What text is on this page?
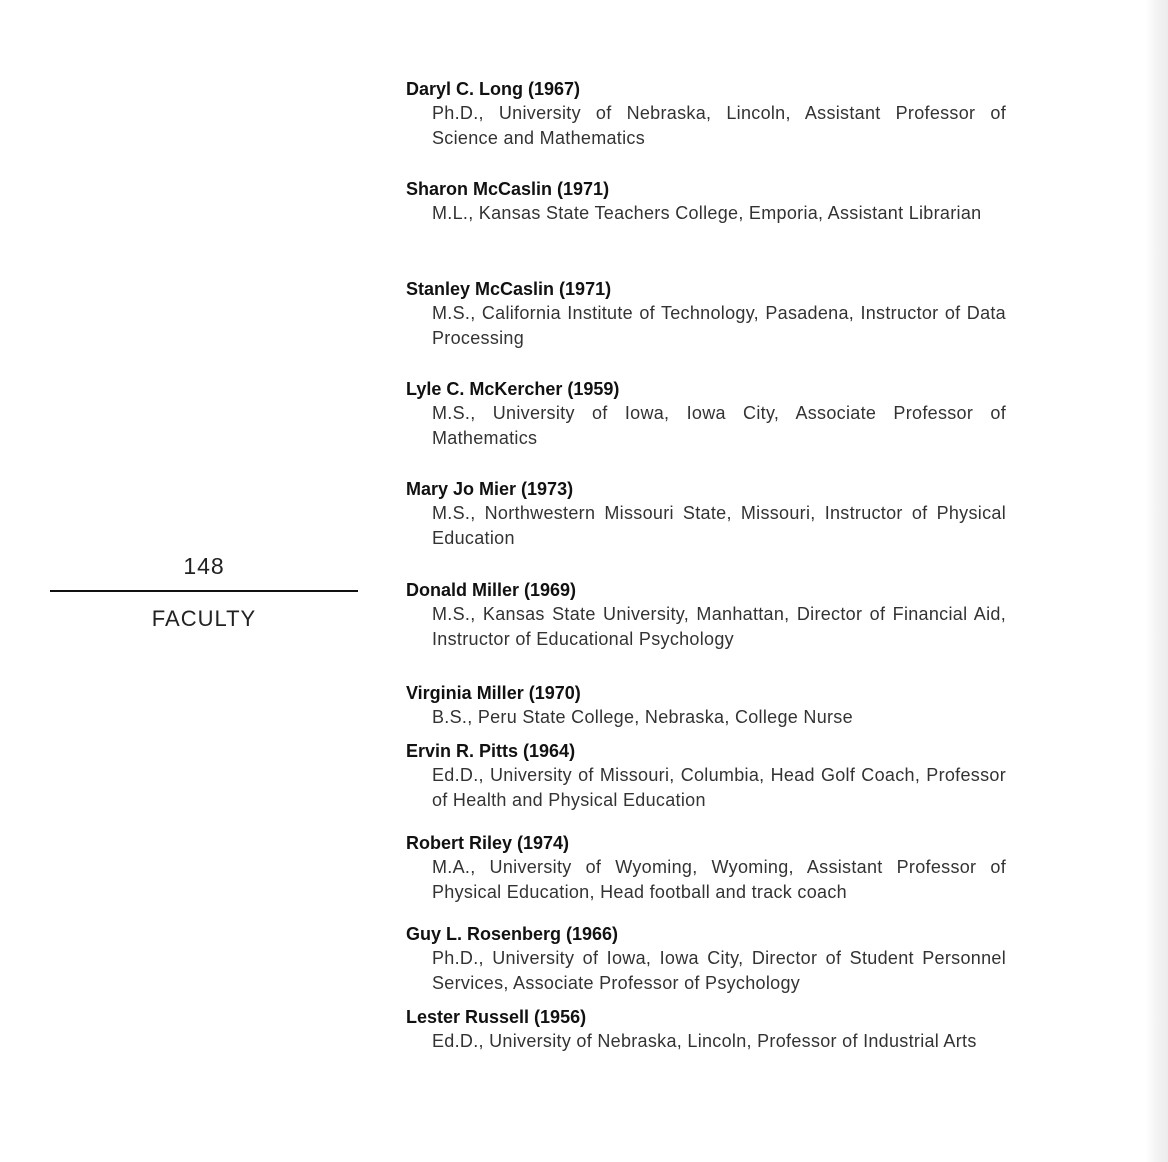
148
FACULTY
Daryl C. Long (1967)
Ph.D., University of Nebraska, Lincoln, Assistant Professor of Science and Mathematics
Sharon McCaslin (1971)
M.L., Kansas State Teachers College, Emporia, Assistant Librarian
Stanley McCaslin (1971)
M.S., California Institute of Technology, Pasadena, Instructor of Data Processing
Lyle C. McKercher (1959)
M.S., University of Iowa, Iowa City, Associate Professor of Mathematics
Mary Jo Mier (1973)
M.S., Northwestern Missouri State, Missouri, Instructor of Physical Education
Donald Miller (1969)
M.S., Kansas State University, Manhattan, Director of Financial Aid, Instructor of Educational Psychology
Virginia Miller (1970)
B.S., Peru State College, Nebraska, College Nurse
Ervin R. Pitts (1964)
Ed.D., University of Missouri, Columbia, Head Golf Coach, Professor of Health and Physical Education
Robert Riley (1974)
M.A., University of Wyoming, Wyoming, Assistant Professor of Physical Education, Head football and track coach
Guy L. Rosenberg (1966)
Ph.D., University of Iowa, Iowa City, Director of Student Personnel Services, Associate Professor of Psychology
Lester Russell (1956)
Ed.D., University of Nebraska, Lincoln, Professor of Industrial Arts
